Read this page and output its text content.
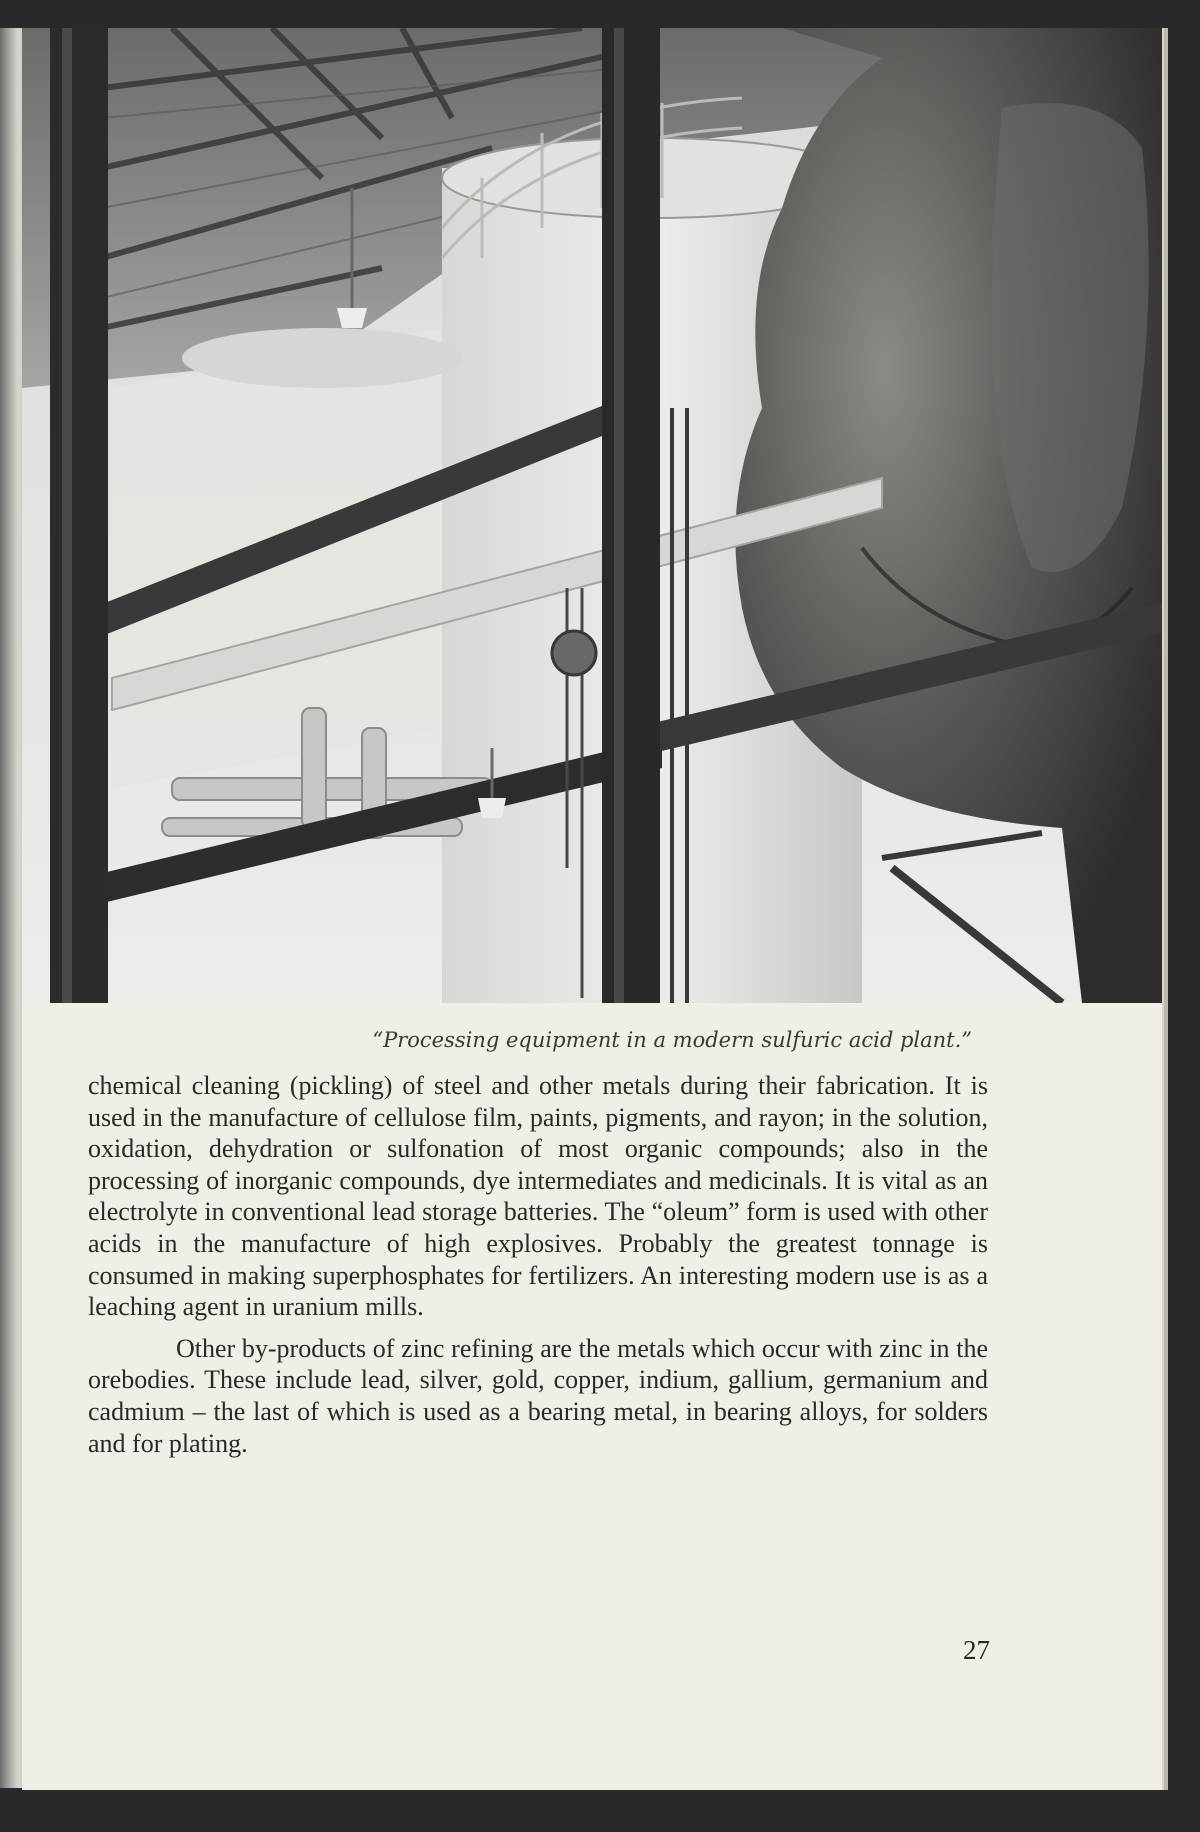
“Processing equipment in a modern sulfuric acid plant.”

chemical cleaning (pickling) of steel and other metals during their fabrication. It is used in the manufacture of cellulose film, paints, pigments, and rayon; in the solution, oxidation, dehydration or sulfonation of most organic compounds; also in the processing of inorganic compounds, dye intermediates and medicinals. It is vital as an electrolyte in conventional lead storage batteries. The “oleum” form is used with other acids in the manufacture of high explosives. Probably the greatest tonnage is consumed in making superphosphates for fertilizers. An interesting modern use is as a leaching agent in uranium mills.

Other by-products of zinc refining are the metals which occur with zinc in the orebodies. These include lead, silver, gold, copper, indium, gallium, germanium and cadmium – the last of which is used as a bearing metal, in bearing alloys, for solders and for plating.

27
